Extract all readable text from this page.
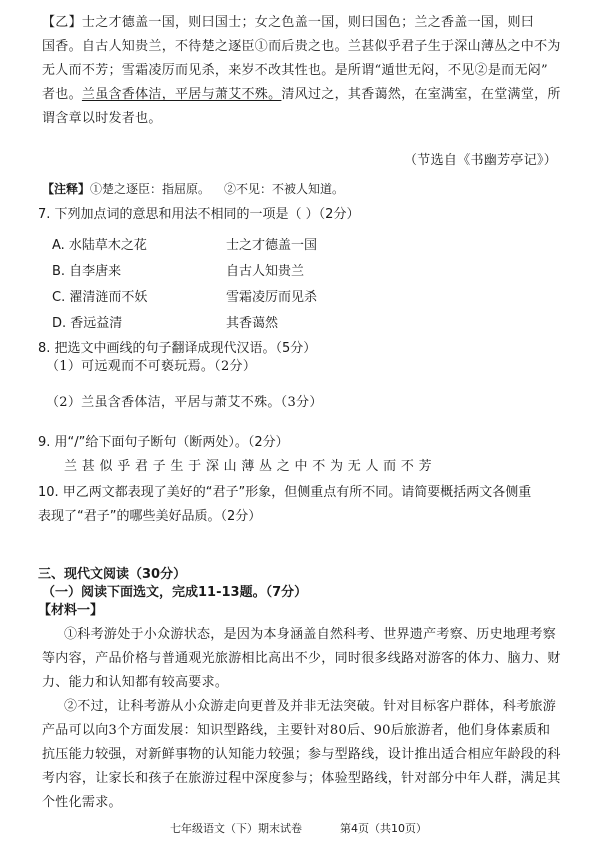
【乙】士之才德盖一国，则曰国士；女之色盖一国，则曰国色；兰之香盖一国，则曰
国香。自古人知贵兰，不待楚之逐臣①而后贵之也。兰甚似乎君子生于深山薄丛之中不为
无人而不芳；雪霜凌厉而见杀，来岁不改其性也。是所谓“遁世无闷，不见②是而无闷”
者也。兰虽含香体洁，平居与萧艾不殊。清风过之，其香蔼然，在室满室，在堂满堂，所
谓含章以时发者也。
（节选自《书幽芳亭记》）
【注释】①楚之逐臣：指屈原。 ②不见：不被人知道。
7. 下列加点词的意思和用法不相同的一项是（ ）（2分）
A. 水陆草木之花	士之才德盖一国
B. 自李唐来	自古人知贵兰
C. 濯清涟而不妖	雪霜凌厉而见杀
D. 香远益清	其香蔼然
8. 把选文中画线的句子翻译成现代汉语。（5分）
（1）可远观而不可亵玩焉。（2分）
（2）兰虽含香体洁，平居与萧艾不殊。（3分）
9. 用“/”给下面句子断句（断两处）。（2分）
兰 甚 似 乎 君 子 生 于 深 山 薄 丛 之 中 不 为 无 人 而 不 芳
10. 甲乙两文都表现了美好的“君子”形象，但侧重点有所不同。请简要概括两文各侧重
表现了“君子”的哪些美好品质。（2分）
三、现代文阅读（30分）
（一）阅读下面选文，完成11-13题。（7分）
【材料一】
①科考游处于小众游状态，是因为本身涵盖自然科考、世界遗产考察、历史地理考察
等内容，产品价格与普通观光旅游相比高出不少，同时很多线路对游客的体力、脑力、财
力、能力和认知都有较高要求。
②不过，让科考游从小众游走向更普及并非无法突破。针对目标客户群体，科考旅游
产品可以向3个方面发展：知识型路线，主要针对80后、90后旅游者，他们身体素质和
抗压能力较强，对新鲜事物的认知能力较强；参与型路线，设计推出适合相应年龄段的科
考内容，让家长和孩子在旅游过程中深度参与；体验型路线，针对部分中年人群，满足其
个性化需求。
七年级语文（下）期末试卷	第4页（共10页）
